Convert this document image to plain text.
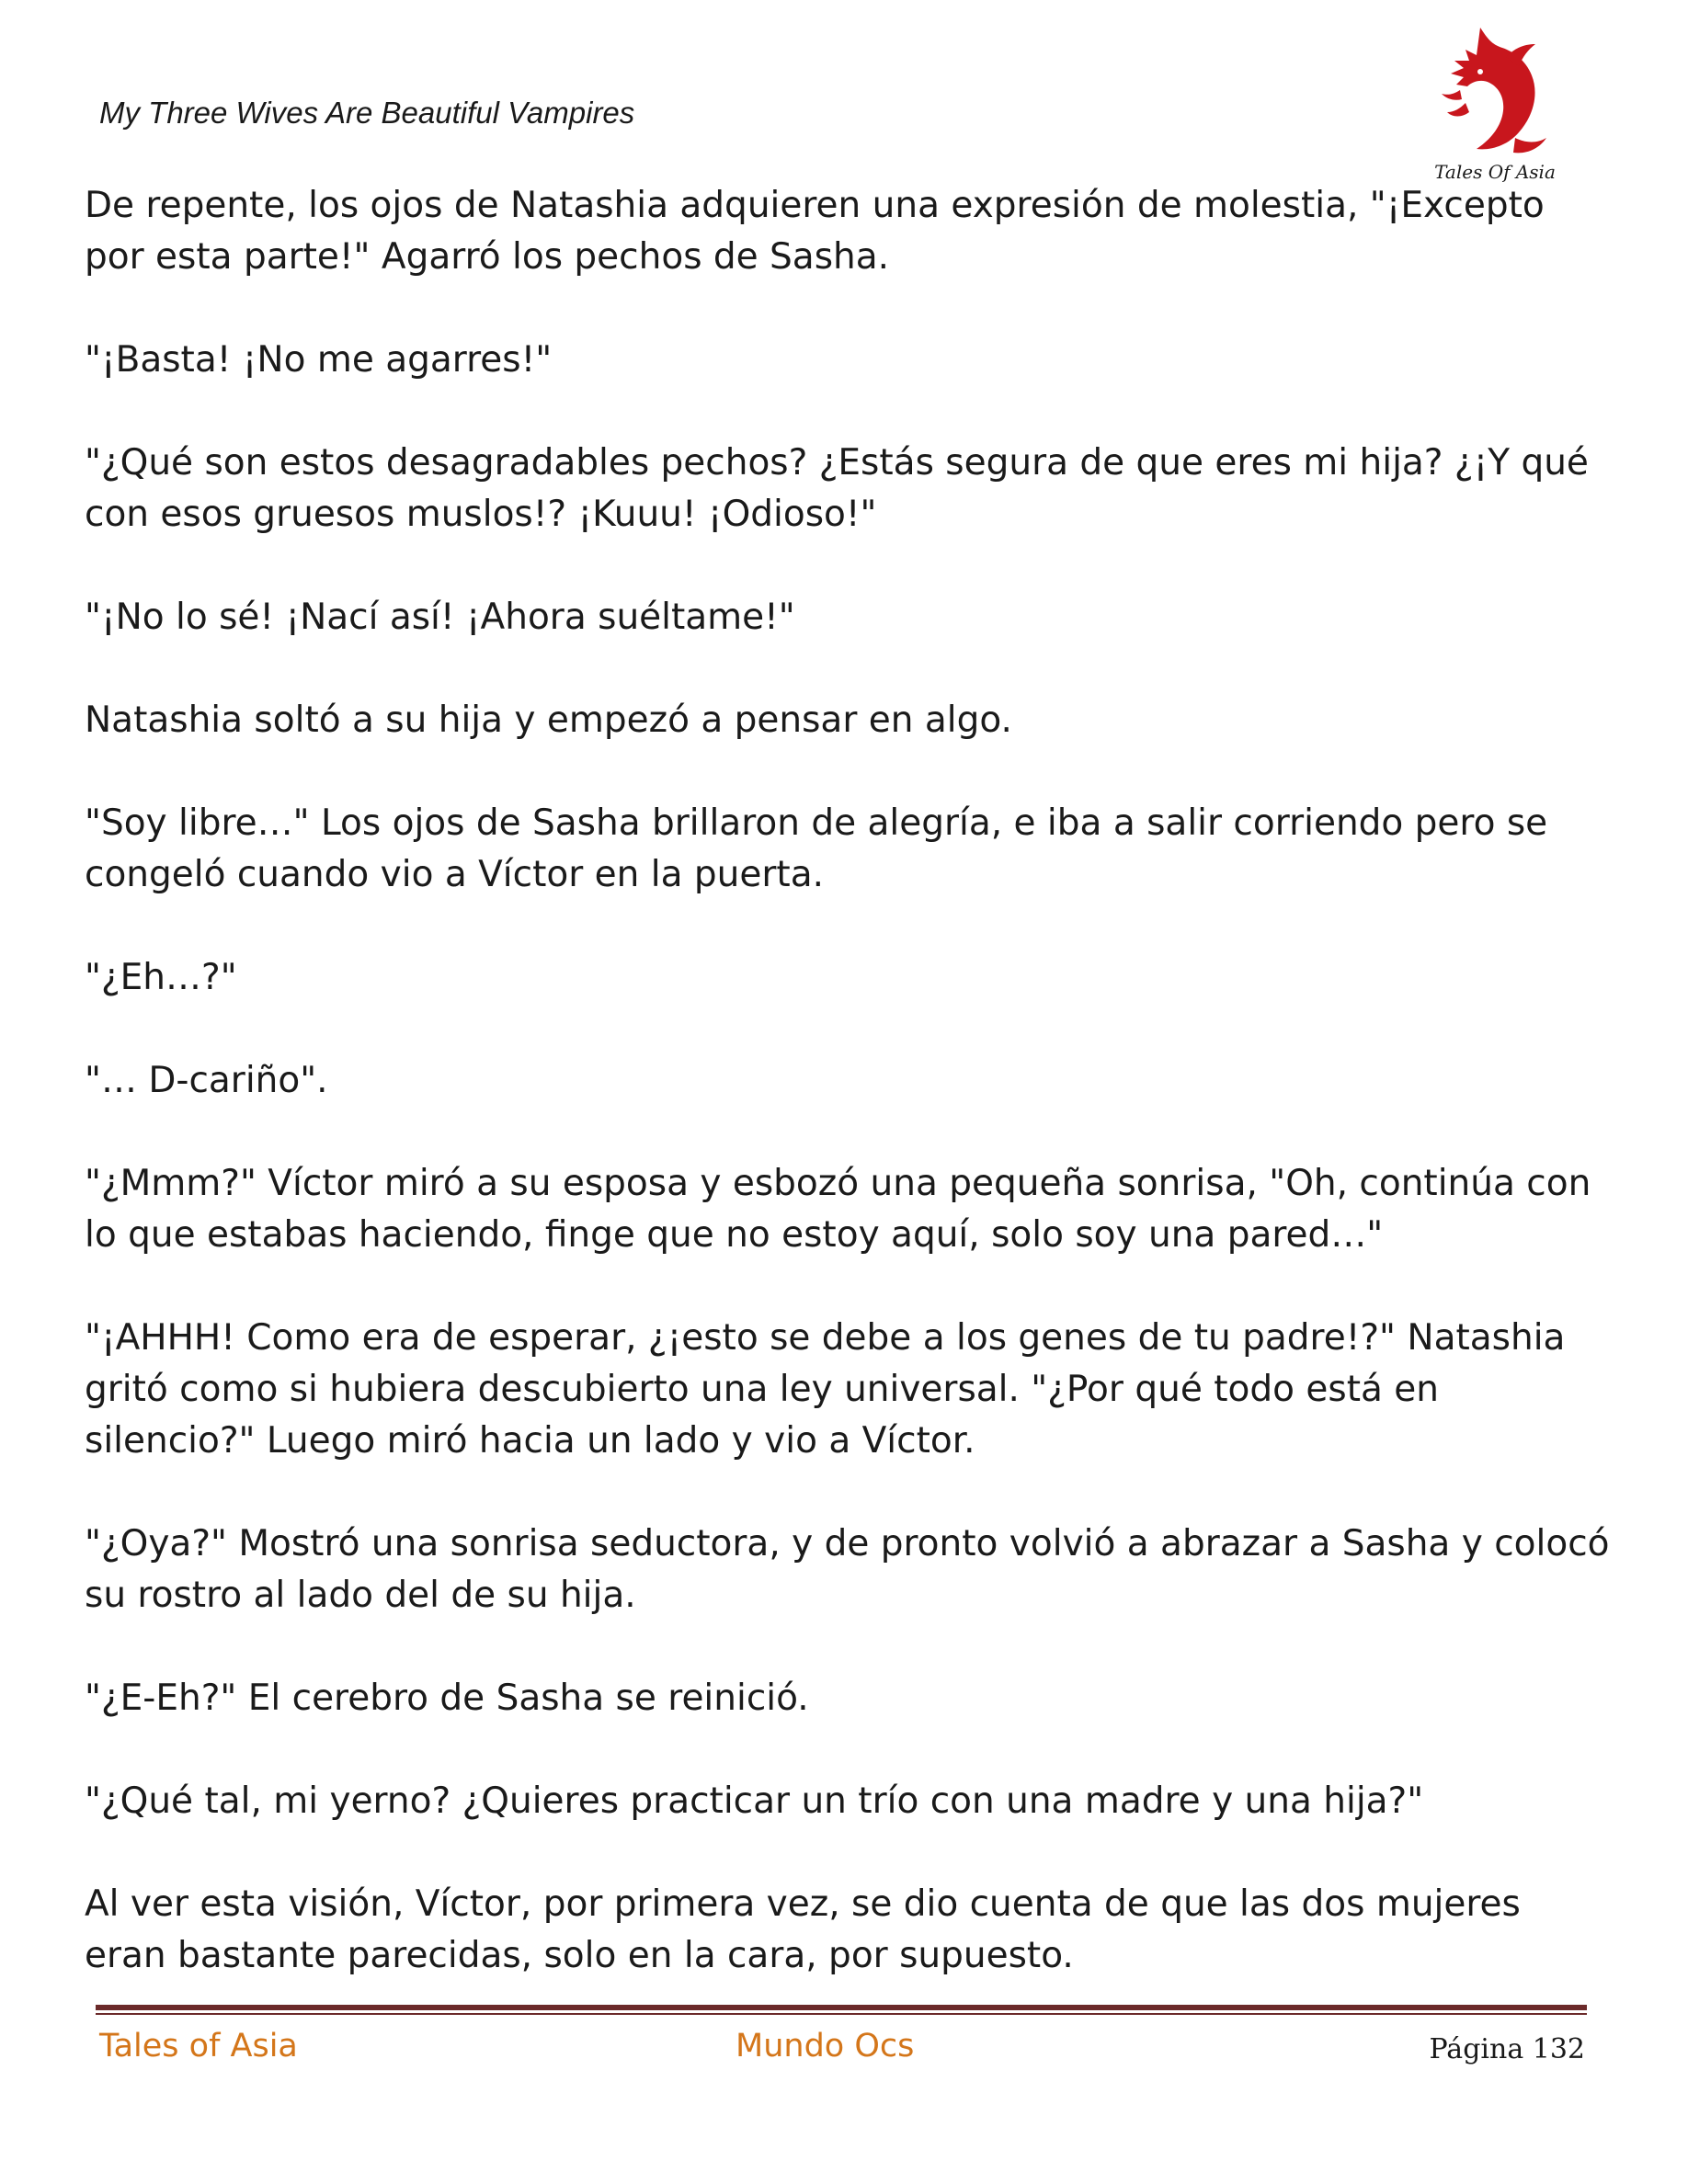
My Three Wives Are Beautiful Vampires
Tales Of Asia

De repente, los ojos de Natashia adquieren una expresión de molestia, "¡Excepto por esta parte!" Agarró los pechos de Sasha.

"¡Basta! ¡No me agarres!"

"¿Qué son estos desagradables pechos? ¿Estás segura de que eres mi hija? ¿¡Y qué con esos gruesos muslos!? ¡Kuuu! ¡Odioso!"

"¡No lo sé! ¡Nací así! ¡Ahora suéltame!"

Natashia soltó a su hija y empezó a pensar en algo.

"Soy libre…" Los ojos de Sasha brillaron de alegría, e iba a salir corriendo pero se congeló cuando vio a Víctor en la puerta.

"¿Eh…?"

"… D-cariño".

"¿Mmm?" Víctor miró a su esposa y esbozó una pequeña sonrisa, "Oh, continúa con lo que estabas haciendo, finge que no estoy aquí, solo soy una pared…"

"¡AHHH! Como era de esperar, ¿¡esto se debe a los genes de tu padre!?" Natashia gritó como si hubiera descubierto una ley universal. "¿Por qué todo está en silencio?" Luego miró hacia un lado y vio a Víctor.

"¿Oya?" Mostró una sonrisa seductora, y de pronto volvió a abrazar a Sasha y colocó su rostro al lado del de su hija.

"¿E-Eh?" El cerebro de Sasha se reinició.

"¿Qué tal, mi yerno? ¿Quieres practicar un trío con una madre y una hija?"

Al ver esta visión, Víctor, por primera vez, se dio cuenta de que las dos mujeres eran bastante parecidas, solo en la cara, por supuesto.

Tales of Asia	Mundo Ocs	Página 132
